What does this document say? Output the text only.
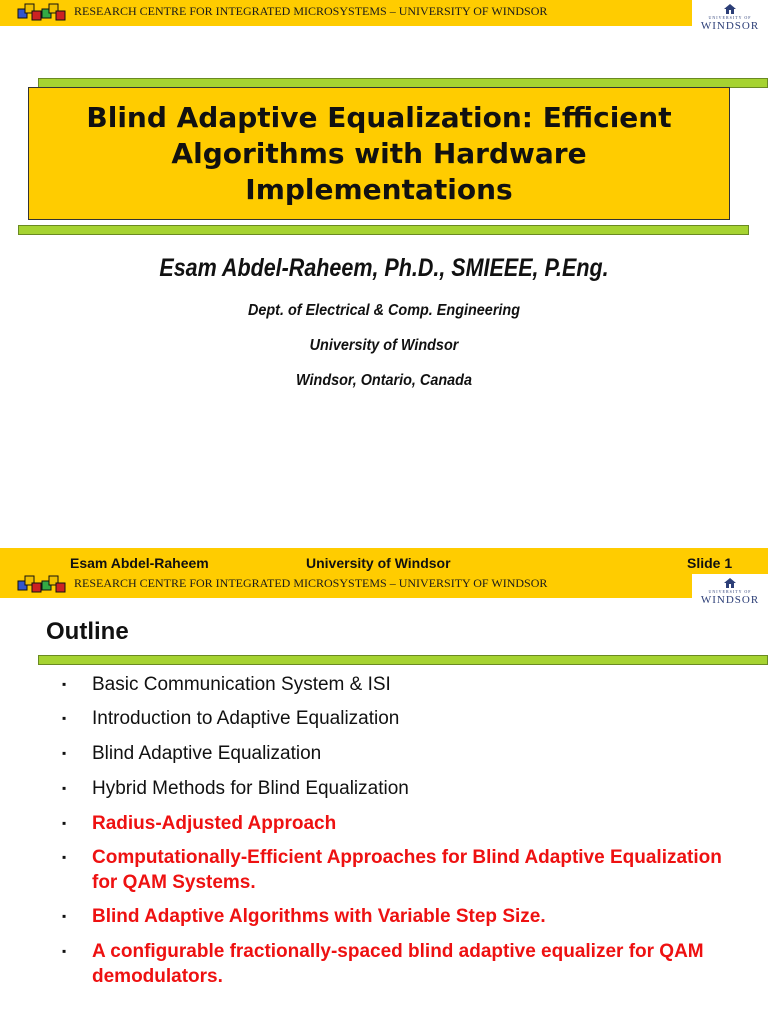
RESEARCH CENTRE FOR INTEGRATED MICROSYSTEMS – UNIVERSITY OF WINDSOR	UNIVERSITY OF
WINDSOR
Blind Adaptive Equalization: Efficient Algorithms with Hardware Implementations
Esam Abdel-Raheem, Ph.D., SMIEEE, P.Eng.
Dept. of Electrical & Comp. Engineering
University of Windsor
Windsor, Ontario, Canada
Esam Abdel-Raheem	University of Windsor	Slide 1
RESEARCH CENTRE FOR INTEGRATED MICROSYSTEMS – UNIVERSITY OF WINDSOR
UNIVERSITY OF
WINDSOR
Outline
▪ Basic Communication System & ISI
▪ Introduction to Adaptive Equalization
▪ Blind Adaptive Equalization
▪ Hybrid Methods for Blind Equalization
▪ Radius-Adjusted Approach
▪ Computationally-Efficient Approaches for Blind Adaptive Equalization for QAM Systems.
▪ Blind Adaptive Algorithms with Variable Step Size.
▪ A configurable fractionally-spaced blind adaptive equalizer for QAM demodulators.
